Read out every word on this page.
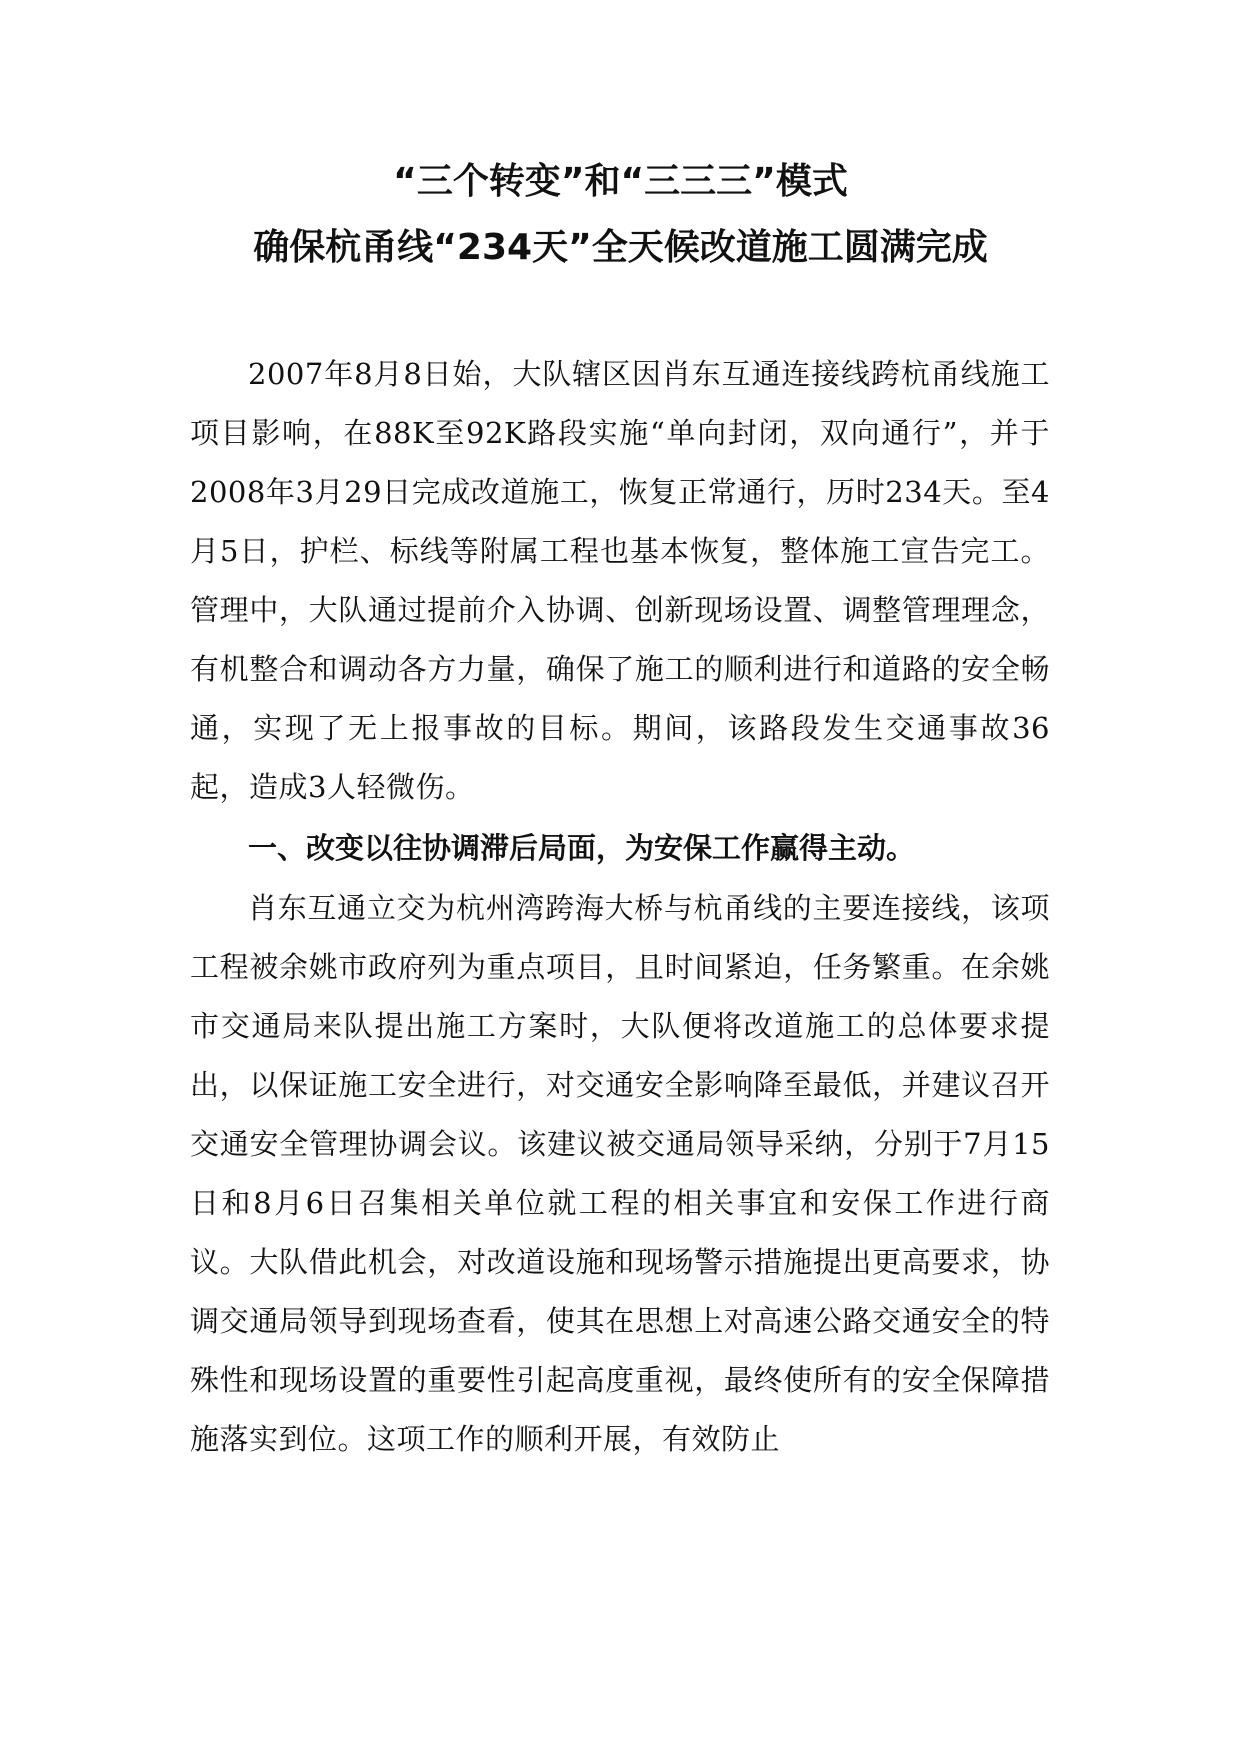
“三个转变”和“三三三”模式
确保杭甬线“234天”全天候改道施工圆满完成

2007年8月8日始，大队辖区因肖东互通连接线跨杭甬线施工项目影响，在88K至92K路段实施“单向封闭，双向通行”，并于2008年3月29日完成改道施工，恢复正常通行，历时234天。至4月5日，护栏、标线等附属工程也基本恢复，整体施工宣告完工。管理中，大队通过提前介入协调、创新现场设置、调整管理理念，有机整合和调动各方力量，确保了施工的顺利进行和道路的安全畅通，实现了无上报事故的目标。期间，该路段发生交通事故36起，造成3人轻微伤。

一、改变以往协调滞后局面，为安保工作赢得主动。

肖东互通立交为杭州湾跨海大桥与杭甬线的主要连接线，该项工程被余姚市政府列为重点项目，且时间紧迫，任务繁重。在余姚市交通局来队提出施工方案时，大队便将改道施工的总体要求提出，以保证施工安全进行，对交通安全影响降至最低，并建议召开交通安全管理协调会议。该建议被交通局领导采纳，分别于7月15日和8月6日召集相关单位就工程的相关事宜和安保工作进行商议。大队借此机会，对改道设施和现场警示措施提出更高要求，协调交通局领导到现场查看，使其在思想上对高速公路交通安全的特殊性和现场设置的重要性引起高度重视，最终使所有的安全保障措施落实到位。这项工作的顺利开展，有效防止
